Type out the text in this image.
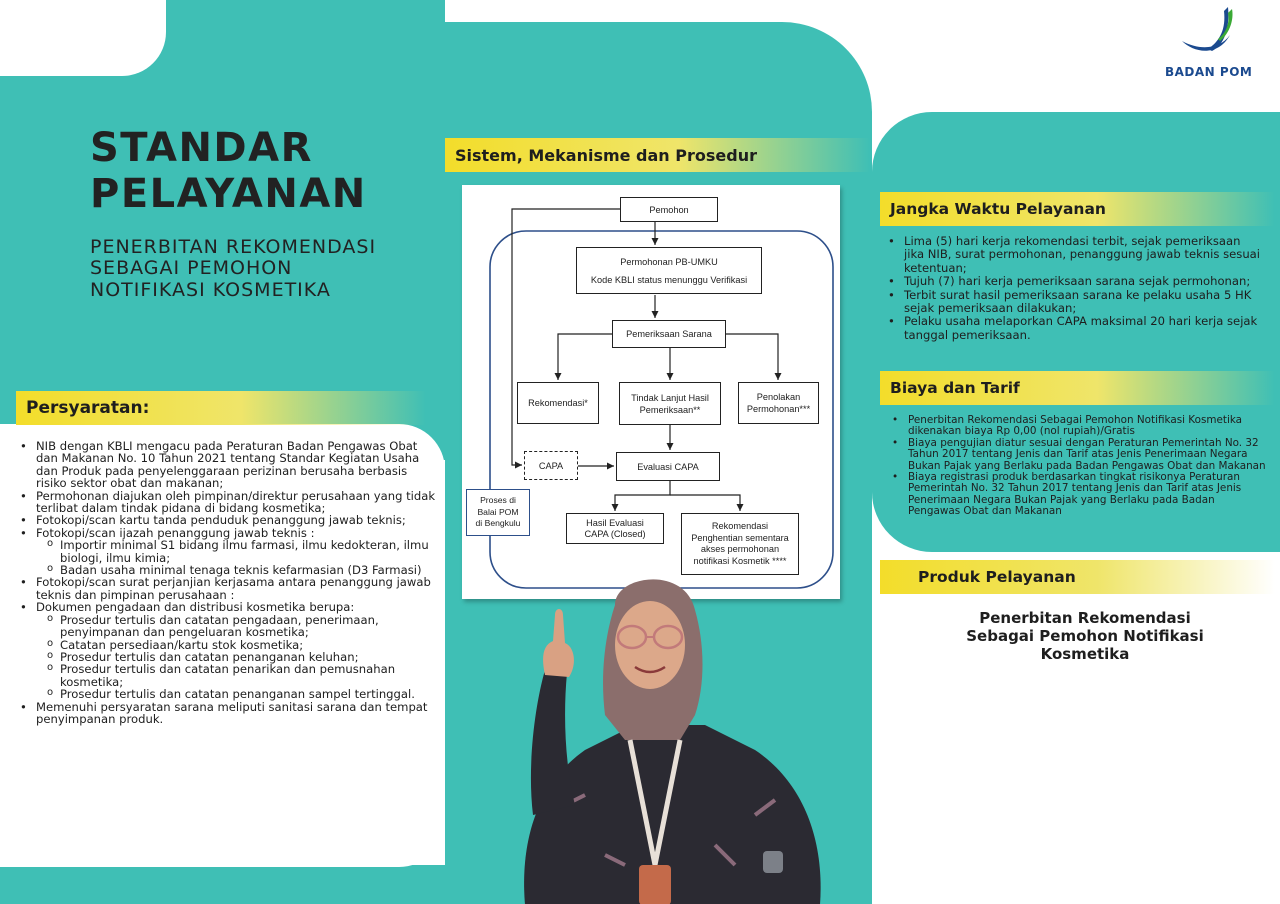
BADAN POM
STANDAR
PELAYANAN
PENERBITAN REKOMENDASI
SEBAGAI PEMOHON
NOTIFIKASI KOSMETIKA
Persyaratan:
• NIB dengan KBLI mengacu pada Peraturan Badan Pengawas Obat dan Makanan No. 10 Tahun 2021 tentang Standar Kegiatan Usaha dan Produk pada penyelenggaraan perizinan berusaha berbasis risiko sektor obat dan makanan;
• Permohonan diajukan oleh pimpinan/direktur perusahaan yang tidak terlibat dalam tindak pidana di bidang kosmetika;
• Fotokopi/scan kartu tanda penduduk penanggung jawab teknis;
• Fotokopi/scan ijazah penanggung jawab teknis :
o Importir minimal S1 bidang ilmu farmasi, ilmu kedokteran, ilmu biologi, ilmu kimia;
o Badan usaha minimal tenaga teknis kefarmasian (D3 Farmasi)
• Fotokopi/scan surat perjanjian kerjasama antara penanggung jawab teknis dan pimpinan perusahaan :
• Dokumen pengadaan dan distribusi kosmetika berupa:
o Prosedur tertulis dan catatan pengadaan, penerimaan, penyimpanan dan pengeluaran kosmetika;
o Catatan persediaan/kartu stok kosmetika;
o Prosedur tertulis dan catatan penanganan keluhan;
o Prosedur tertulis dan catatan penarikan dan pemusnahan kosmetika;
o Prosedur tertulis dan catatan penanganan sampel tertinggal.
• Memenuhi persyaratan sarana meliputi sanitasi sarana dan tempat penyimpanan produk.
Sistem, Mekanisme dan Prosedur
Pemohon
Permohonan PB-UMKU
Kode KBLI status menunggu Verifikasi
Pemeriksaan Sarana
Rekomendasi*
Tindak Lanjut Hasil
Pemeriksaan**
Penolakan
Permohonan***
CAPA	Evaluasi CAPA
Hasil Evaluasi
CAPA (Closed)
Rekomendasi
Penghentian sementara
akses permohonan
notifikasi Kosmetik ****
Proses di
Balai POM
di Bengkulu
Jangka Waktu Pelayanan
• Lima (5) hari kerja rekomendasi terbit, sejak pemeriksaan jika NIB, surat permohonan, penanggung jawab teknis sesuai ketentuan;
• Tujuh (7) hari kerja pemeriksaan sarana sejak permohonan;
• Terbit surat hasil pemeriksaan sarana ke pelaku usaha 5 HK sejak pemeriksaan dilakukan;
• Pelaku usaha melaporkan CAPA maksimal 20 hari kerja sejak tanggal pemeriksaan.
Biaya dan Tarif
• Penerbitan Rekomendasi Sebagai Pemohon Notifikasi Kosmetika dikenakan biaya Rp 0,00 (nol rupiah)/Gratis
• Biaya pengujian diatur sesuai dengan Peraturan Pemerintah No. 32 Tahun 2017 tentang Jenis dan Tarif atas Jenis Penerimaan Negara Bukan Pajak yang Berlaku pada Badan Pengawas Obat dan Makanan
• Biaya registrasi produk berdasarkan tingkat risikonya Peraturan Pemerintah No. 32 Tahun 2017 tentang Jenis dan Tarif atas Jenis Penerimaan Negara Bukan Pajak yang Berlaku pada Badan Pengawas Obat dan Makanan
Produk Pelayanan
Penerbitan Rekomendasi
Sebagai Pemohon Notifikasi
Kosmetika
